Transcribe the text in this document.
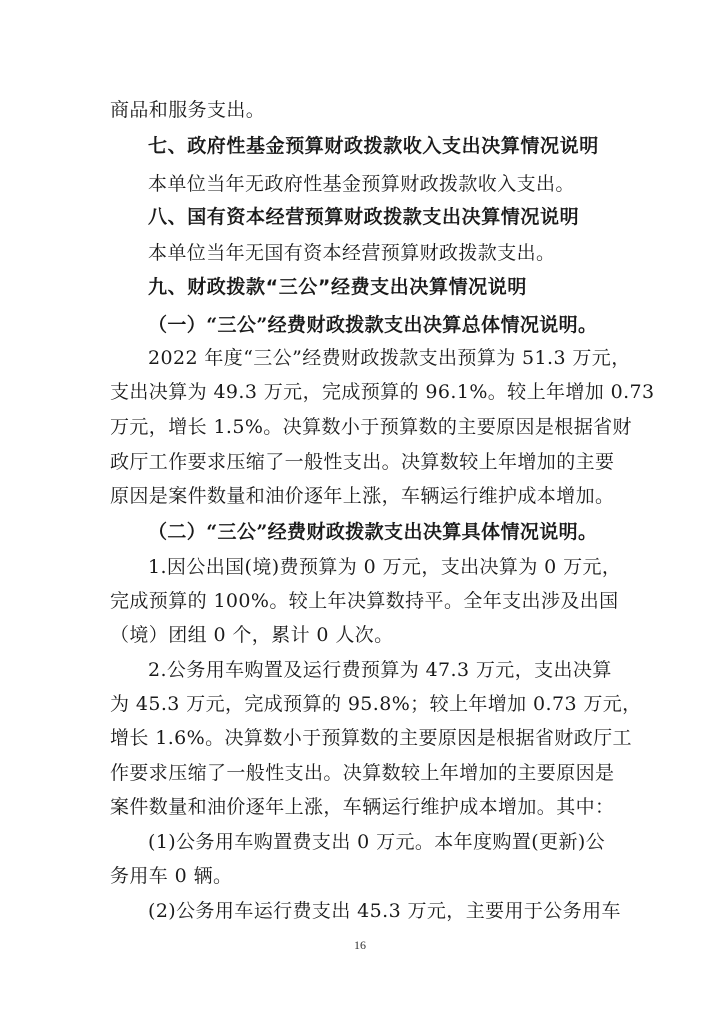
商品和服务支出。
七、政府性基金预算财政拨款收入支出决算情况说明
本单位当年无政府性基金预算财政拨款收入支出。
八、国有资本经营预算财政拨款支出决算情况说明
本单位当年无国有资本经营预算财政拨款支出。
九、财政拨款“三公”经费支出决算情况说明
（一）“三公”经费财政拨款支出决算总体情况说明。
2022 年度“三公”经费财政拨款支出预算为 51.3 万元，
支出决算为 49.3 万元，完成预算的 96.1%。较上年增加 0.73
万元，增长 1.5%。决算数小于预算数的主要原因是根据省财
政厅工作要求压缩了一般性支出。决算数较上年增加的主要
原因是案件数量和油价逐年上涨，车辆运行维护成本增加。
（二）“三公”经费财政拨款支出决算具体情况说明。
1.因公出国(境)费预算为 0 万元，支出决算为 0 万元，
完成预算的 100%。较上年决算数持平。全年支出涉及出国
（境）团组 0 个，累计 0 人次。
2.公务用车购置及运行费预算为 47.3 万元，支出决算
为 45.3 万元，完成预算的 95.8%；较上年增加 0.73 万元，
增长 1.6%。决算数小于预算数的主要原因是根据省财政厅工
作要求压缩了一般性支出。决算数较上年增加的主要原因是
案件数量和油价逐年上涨，车辆运行维护成本增加。其中：
(1)公务用车购置费支出 0 万元。本年度购置(更新)公
务用车 0 辆。
(2)公务用车运行费支出 45.3 万元，主要用于公务用车
16
